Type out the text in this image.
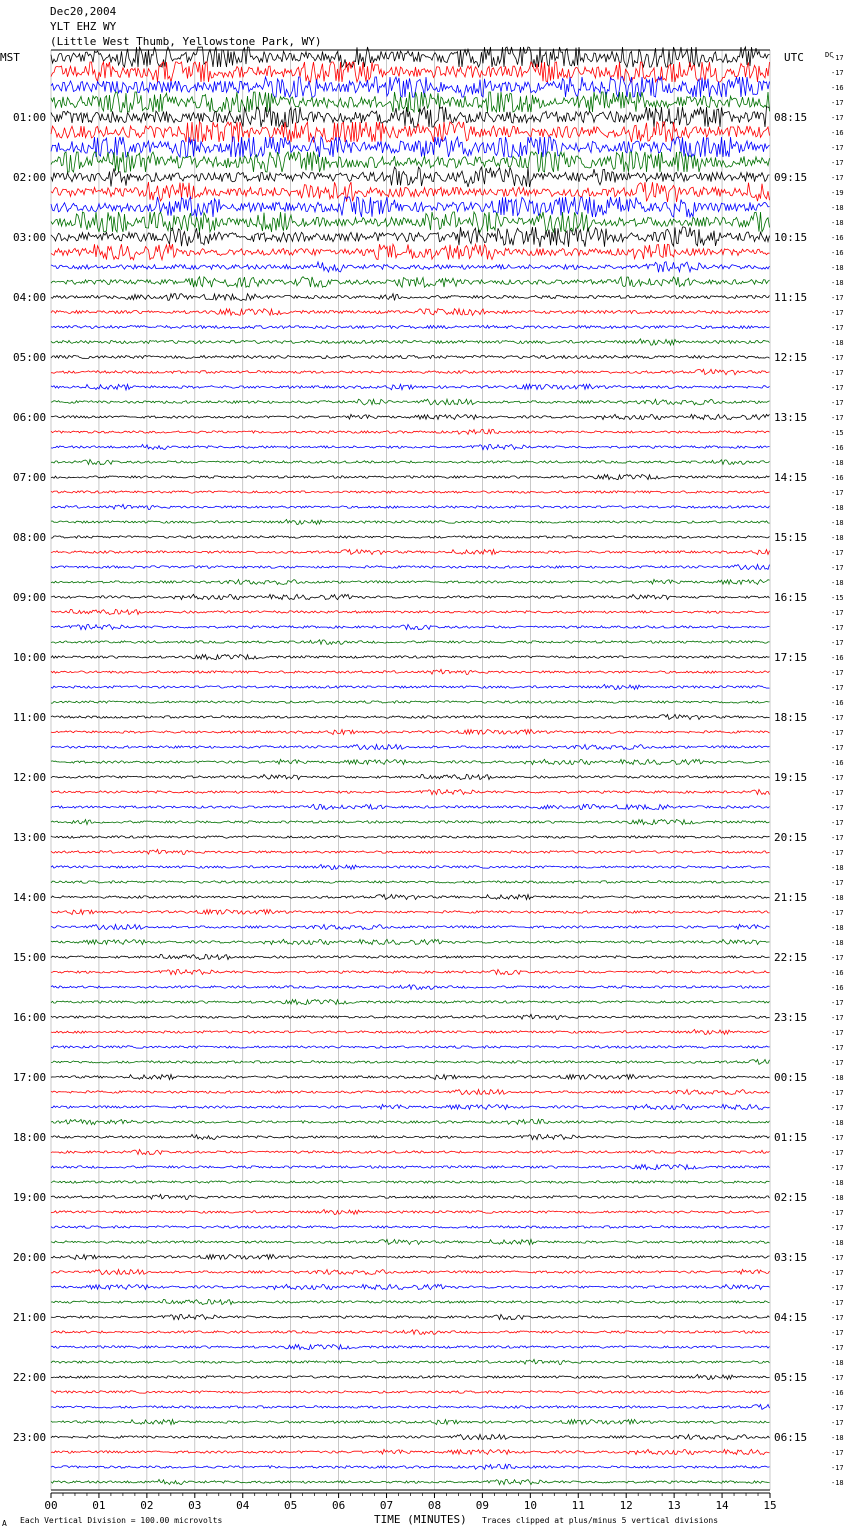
Dec20,2004
YLT EHZ WY
(Little West Thumb, Yellowstone Park, WY)
MST	UTC	DC
01:00
02:00
03:00
04:00
05:00
06:00
07:00
08:00
09:00
10:00
11:00
12:00
13:00
14:00
15:00
16:00
17:00
18:00
19:00
20:00
21:00
22:00
23:00
08:15
09:15
10:15
11:15
12:15
13:15
14:15
15:15
16:15
17:15
18:15
19:15
20:15
21:15
22:15
23:15
00:15
01:15
02:15
03:15
04:15
05:15
06:15
-17
-17
-16
-17
-17
-16
-17
-17
-17
-19
-18
-18
-16
-16
-18
-18
-17
-17
-17
-18
-17
-17
-17
-17
-17
-15
-16
-18
-16
-17
-18
-18
-18
-17
-17
-18
-15
-17
-17
-17
-16
-17
-17
-16
-17
-17
-17
-16
-17
-17
-17
-17
-17
-17
-18
-17
-18
-17
-18
-18
-17
-16
-16
-17
-17
-17
-17
-17
-18
-17
-17
-18
-17
-17
-17
-18
-18
-17
-17
-18
-17
-17
-17
-17
-17
-17
-17
-18
-17
-16
-17
-17
-18
-17
-17
-18
00	01	02	03	04	05	06	07	08	09	10	11	12	13	14	15
TIME (MINUTES)
Each Vertical Division = 100.00 microvolts	Traces clipped at plus/minus 5 vertical divisions
A
